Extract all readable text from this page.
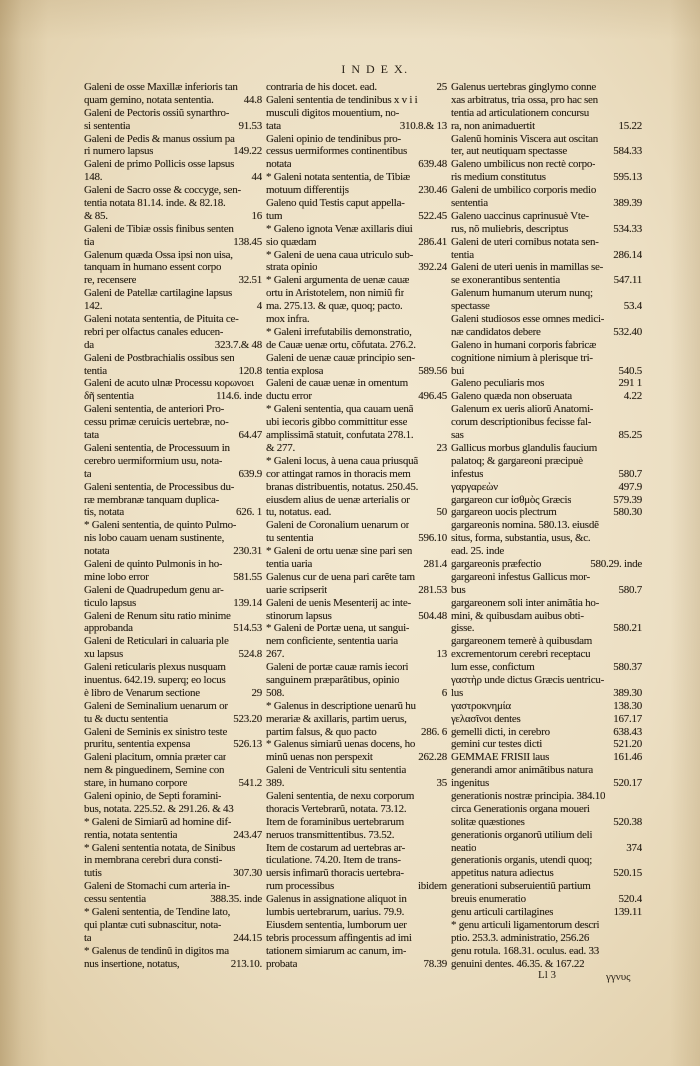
I N D E X.
Galeni de osse Maxillæ inferioris tan
quam gemino, notata sententia.	44.8
Galeni de Pectoris ossiũ synarthro-
si sententia	91.53
Galeni de Pedis & manus ossium pa
ri numero lapsus	149.22
Galeni de primo Pollicis osse lapsus
148.	44
Galeni de Sacro osse & coccyge, sen-
tentia notata 81.14. inde. & 82.18.
& 85.	16
Galeni de Tibiæ ossis finibus senten
tia	138.45
Galenum quæda Ossa ipsi non uisa,
tanquam in humano essent corpo
re, recensere	32.51
Galeni de Patellæ cartilagine lapsus
142.	4
Galeni notata sententia, de Pituita ce-
rebri per olfactus canales educen-
da	323.7.& 48
Galeni de Postbrachialis ossibus sen
tentia	120.8
Galeni de acuto ulnæ Processu κορωνοει
δῆ sententia	114.6. inde
Galeni sententia, de anteriori Pro-
cessu primæ ceruicis uertebræ, no-
tata	64.47
Galeni sententia, de Processuum in
cerebro uermiformium usu, nota-
ta	639.9
Galeni sententia, de Processibus du-
ræ membranæ tanquam duplica-
tis, notata	626. 1
* Galeni sententia, de quinto Pulmo-
nis lobo cauam uenam sustinente,
notata	230.31
Galeni de quinto Pulmonis in ho-
mine lobo error	581.55
Galeni de Quadrupedum genu ar-
ticulo lapsus	139.14
Galeni de Renum situ ratio minime
approbanda	514.53
Galeni de Reticulari in caluaria ple
xu lapsus	524.8
Galeni reticularis plexus nusquam
inuentus. 642.19. superq; eo locus
è libro de Venarum sectione	29
Galeni de Seminalium uenarum or
tu & ductu sententia	523.20
Galeni de Seminis ex sinistro teste
pruritu, sententia expensa	526.13
Galeni placitum, omnia præter car
nem & pinguedinem, Semine con
stare, in humano corpore	541.2
Galeni opinio, de Septi foramini-
bus, notata. 225.52. & 291.26. & 43
* Galeni de Simiarũ ad homine dif-
rentia, notata sententia	243.47
* Galeni sententia notata, de Sinibus
in membrana cerebri dura consti-
tutis	307.30
Galeni de Stomachi cum arteria in-
cessu sententia	388.35. inde
* Galeni sententia, de Tendine lato,
qui plantæ cuti subnascitur, nota-
ta	244.15
* Galenus de tendinũ in digitos ma
nus insertione, notatus,	213.10.
contraria de his docet. ead.	25
Galeni sententia de tendinibus x v i i
musculi digitos mouentium, no-
tata	310.8.& 13
Galeni opinio de tendinibus pro-
cessus uermiformes continentibus
notata	639.48
* Galeni notata sententia, de Tibiæ
motuum differentijs	230.46
Galeno quid Testis caput appella-
tum	522.45
* Galeno ignota Venæ axillaris diui
sio quædam	286.41
* Galeni de uena caua utriculo sub-
strata opinio	392.24
* Galeni argumenta de uenæ cauæ
ortu in Aristotelem, non nimiũ fir
ma. 275.13. & quæ, quoq; pacto.
mox infra.
* Galeni irrefutabilis demonstratio,
de Cauæ uenæ ortu, cõfutata. 276.2.
Galeni de uenæ cauæ principio sen-
tentia explosa	589.56
Galeni de cauæ uenæ in omentum
ductu error	496.45
* Galeni sententia, qua cauam uenã
ubi iecoris gibbo committitur esse
amplissimã statuit, confutata 278.1.
& 277.	23
* Galeni locus, à uena caua priusquã
cor attingat ramos in thoracis mem
branas distribuentis, notatus. 250.45.
eiusdem alius de uenæ arterialis or
tu, notatus. ead.	50
Galeni de Coronalium uenarum or
tu sententia	596.10
* Galeni de ortu uenæ sine pari sen
tentia uaria	281.4
Galenus cur de uena pari carẽte tam
uarie scripserit	281.53
Galeni de uenis Mesenterij ac inte-
stinorum lapsus	504.48
* Galeni de Portæ uena, ut sangui-
nem conficiente, sententia uaria
267.	13
Galeni de portæ cauæ ramis iecori
sanguinem præparãtibus, opinio
508.	6
* Galenus in descriptione uenarũ hu
merariæ & axillaris, partim uerus,
partim falsus, & quo pacto	286. 6
* Galenus simiarũ uenas docens, ho
minũ uenas non perspexit	262.28
Galeni de Ventriculi situ sententia
389.	35
Galeni sententia, de nexu corporum
thoracis Vertebrarũ, notata. 73.12.
Item de foraminibus uertebrarum
neruos transmittentibus. 73.52.
Item de costarum ad uertebras ar-
ticulatione. 74.20. Item de trans-
uersis infimarũ thoracis uertebra-
rum processibus	ibidem
Galenus in assignatione aliquot in
lumbis uertebrarum, uarius. 79.9.
Eiusdem sententia, lumborum uer
tebris processum affingentis ad imi
tationem simiarum ac canum, im-
probata	78.39
Galenus uertebras ginglymo conne
xas arbitratus, tria ossa, pro hac sen
tentia ad articulationem concursu
ra, non animaduertit	15.22
Galenũ hominis Viscera aut oscitan
ter, aut neutiquam spectasse	584.33
Galeno umbilicus non rectè corpo-
ris medium constitutus	595.13
Galeni de umbilico corporis medio
sententia	389.39
Galeno uaccinus caprinusuè Vte-
rus, nõ muliebris, descriptus	534.33
Galeni de uteri cornibus notata sen-
tentia	286.14
Galeni de uteri uenis in mamillas se-
se exonerantibus sententia	547.11
Galenum humanum uterum nunq;
spectasse	53.4
Galeni studiosos esse omnes medici-
næ candidatos debere	532.40
Galeno in humani corporis fabricæ
cognitione nimium à plerisque tri-
bui	540.5
Galeno peculiaris mos	291 1
Galeno quæda non obseruata	4.22
Galenum ex ueris aliorũ Anatomi-
corum descriptionibus fecisse fal-
sas	85.25
Gallicus morbus glandulis faucium
palatoq; & gargareoni præcipuè
infestus	580.7
γαργαρεὼν	497.9
gargareon cur ἰσθμὸς Græcis	579.39
gargareon uocis plectrum	580.30
gargareonis nomina. 580.13. eiusdẽ
situs, forma, substantia, usus, &c.
ead. 25. inde
gargareonis præfectio	580.29. inde
gargareoni infestus Gallicus mor-
bus	580.7
gargareonem soli inter animãtia ho-
mini, & quibusdam auibus obti-
gisse.	580.21
gargareonem temerè à quibusdam
excrementorum cerebri receptacu
lum esse, confictum	580.37
γαστὴρ unde dictus Græcis uentricu-
lus	389.30
γαστροκνημία	138.30
γελασῖνοι dentes	167.17
gemelli dicti, in cerebro	638.43
gemini cur testes dicti	521.20
GEMMAE FRISII laus	161.46
generandi amor animãtibus natura
ingenitus	520.17
generationis nostræ principia. 384.10
circa Generationis organa moueri
solitæ quæstiones	520.38
generationis organorũ utilium deli
neatio	374
generationis organis, utendi quoq;
appetitus natura adiectus	520.15
generationi subseruientiũ partium
breuis enumeratio	520.4
genu articuli cartilagines	139.11
* genu articuli ligamentorum descri
ptio. 253.3. administratio, 256.26
genu rotula. 168.31. oculus. ead. 33
genuini dentes. 46.35. & 167.22
Ll 3	γγνυς
